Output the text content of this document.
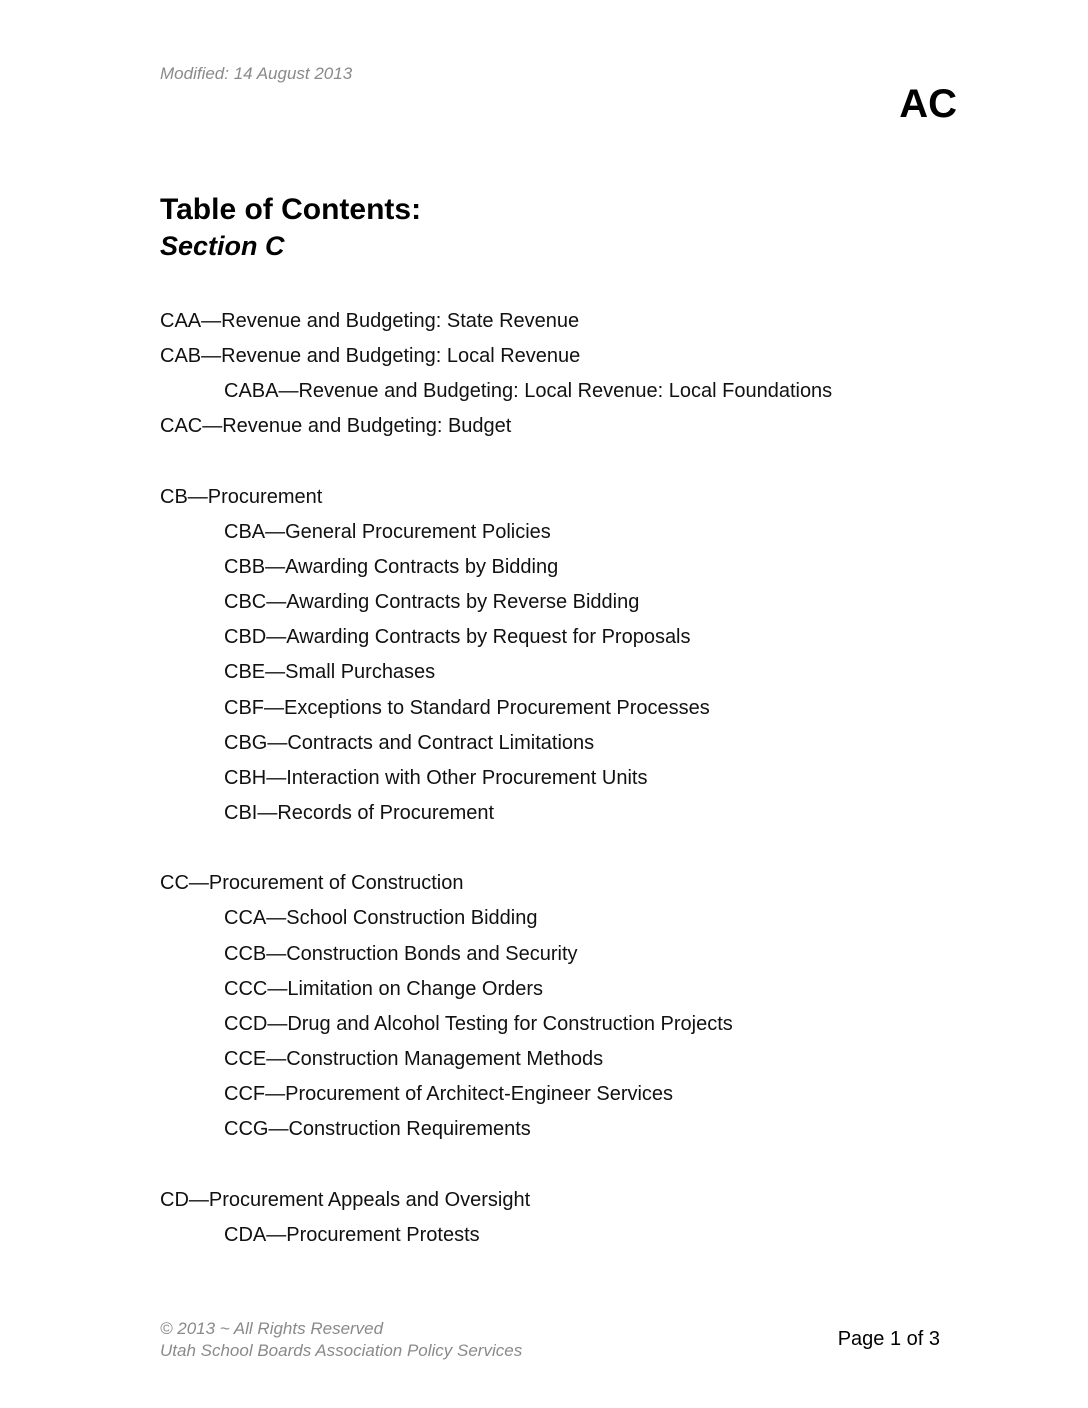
Modified: 14 August 2013
AC
Table of Contents:
Section C
CAA—Revenue and Budgeting: State Revenue
CAB—Revenue and Budgeting: Local Revenue
CABA—Revenue and Budgeting: Local Revenue: Local Foundations
CAC—Revenue and Budgeting: Budget
CB—Procurement
CBA—General Procurement Policies
CBB—Awarding Contracts by Bidding
CBC—Awarding Contracts by Reverse Bidding
CBD—Awarding Contracts by Request for Proposals
CBE—Small Purchases
CBF—Exceptions to Standard Procurement Processes
CBG—Contracts and Contract Limitations
CBH—Interaction with Other Procurement Units
CBI—Records of Procurement
CC—Procurement of Construction
CCA—School Construction Bidding
CCB—Construction Bonds and Security
CCC—Limitation on Change Orders
CCD—Drug and Alcohol Testing for Construction Projects
CCE—Construction Management Methods
CCF—Procurement of Architect-Engineer Services
CCG—Construction Requirements
CD—Procurement Appeals and Oversight
CDA—Procurement Protests
© 2013 ~ All Rights Reserved
Utah School Boards Association Policy Services
Page 1 of 3
